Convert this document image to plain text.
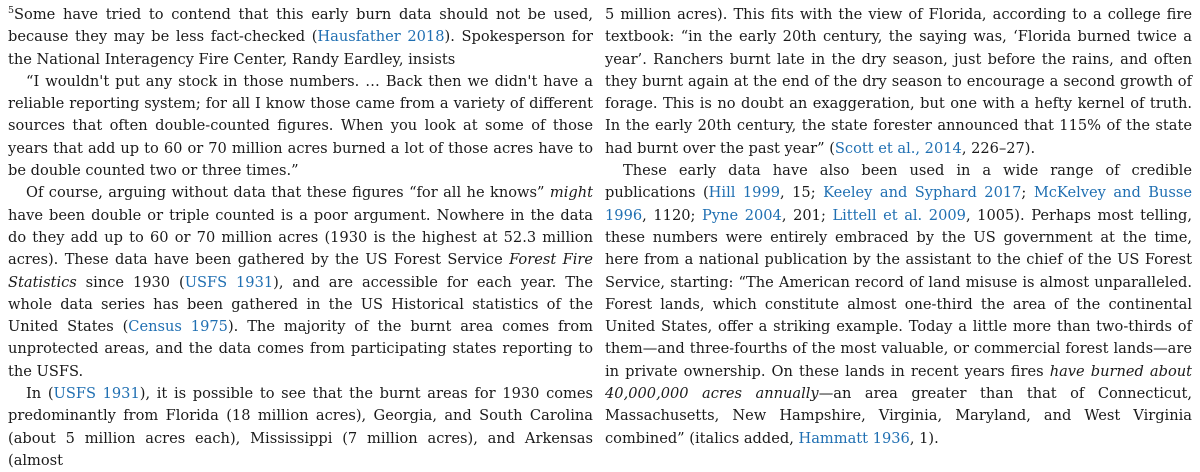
$^5$Some have tried to contend that this early burn data should not be used, because they may be less fact-checked (Hausfather 2018). Spokesperson for the National Interagency Fire Center, Randy Eardley, insists

“I wouldn't put any stock in those numbers. … Back then we didn't have a reliable reporting system; for all I know those came from a variety of different sources that often double-counted figures. When you look at some of those years that add up to 60 or 70 million acres burned a lot of those acres have to be double counted two or three times.”

Of course, arguing without data that these figures “for all he knows” might have been double or triple counted is a poor argument. Nowhere in the data do they add up to 60 or 70 million acres (1930 is the highest at 52.3 million acres). These data have been gathered by the US Forest Service Forest Fire Statistics since 1930 (USFS 1931), and are accessible for each year. The whole data series has been gathered in the US Historical statistics of the United States (Census 1975). The majority of the burnt area comes from unprotected areas, and the data comes from participating states reporting to the USFS.

In (USFS 1931), it is possible to see that the burnt areas for 1930 comes predominantly from Florida (18 million acres), Georgia, and South Carolina (about 5 million acres each), Mississippi (7 million acres), and Arkensas (almost

5 million acres). This fits with the view of Florida, according to a college fire textbook: “in the early 20th century, the saying was, ‘Florida burned twice a year’. Ranchers burnt late in the dry season, just before the rains, and often they burnt again at the end of the dry season to encourage a second growth of forage. This is no doubt an exaggeration, but one with a hefty kernel of truth. In the early 20th century, the state forester announced that 115% of the state had burnt over the past year” (Scott et al., 2014, 226–27).

These early data have also been used in a wide range of credible publications (Hill 1999, 15; Keeley and Syphard 2017; McKelvey and Busse 1996, 1120; Pyne 2004, 201; Littell et al. 2009, 1005). Perhaps most telling, these numbers were entirely embraced by the US government at the time, here from a national publication by the assistant to the chief of the US Forest Service, starting: “The American record of land misuse is almost unparalleled. Forest lands, which constitute almost one-third the area of the continental United States, offer a striking example. Today a little more than two-thirds of them—and three-fourths of the most valuable, or commercial forest lands—are in private ownership. On these lands in recent years fires have burned about 40,000,000 acres annually—an area greater than that of Connecticut, Massachusetts, New Hampshire, Virginia, Maryland, and West Virginia combined” (italics added, Hammatt 1936, 1).
